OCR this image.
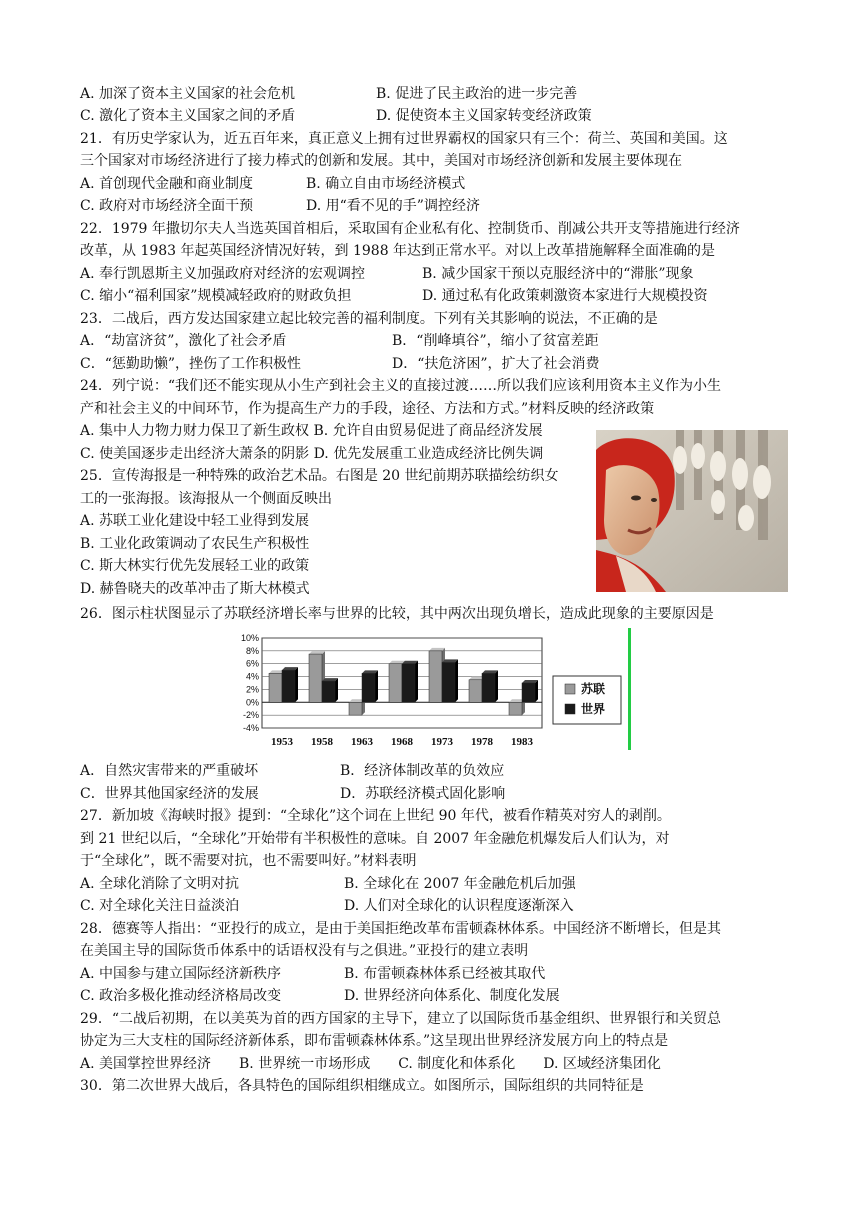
A. 加深了资本主义国家的社会危机	B. 促进了民主政治的进一步完善
C. 激化了资本主义国家之间的矛盾	D. 促使资本主义国家转变经济政策
21．有历史学家认为，近五百年来，真正意义上拥有过世界霸权的国家只有三个：荷兰、英国和美国。这
三个国家对市场经济进行了接力棒式的创新和发展。其中，美国对市场经济创新和发展主要体现在
A. 首创现代金融和商业制度	B. 确立自由市场经济模式
C. 政府对市场经济全面干预	D. 用“看不见的手”调控经济
22．1979 年撒切尔夫人当选英国首相后，采取国有企业私有化、控制货币、削减公共开支等措施进行经济
改革，从 1983 年起英国经济情况好转，到 1988 年达到正常水平。对以上改革措施解释全面准确的是
A. 奉行凯恩斯主义加强政府对经济的宏观调控	B. 减少国家干预以克服经济中的“滞胀”现象
C. 缩小“福利国家”规模减轻政府的财政负担	D. 通过私有化政策刺激资本家进行大规模投资
23．二战后，西方发达国家建立起比较完善的福利制度。下列有关其影响的说法，不正确的是
A．“劫富济贫”，激化了社会矛盾	B．“削峰填谷”，缩小了贫富差距
C．“惩勤助懒”，挫伤了工作积极性	D．“扶危济困”，扩大了社会消费
24．列宁说：“我们还不能实现从小生产到社会主义的直接过渡……所以我们应该利用资本主义作为小生
产和社会主义的中间环节，作为提高生产力的手段，途径、方法和方式。”材料反映的经济政策
A. 集中人力物力财力保卫了新生政权 B. 允许自由贸易促进了商品经济发展
C. 使美国逐步走出经济大萧条的阴影 D. 优先发展重工业造成经济比例失调
25．宣传海报是一种特殊的政治艺术品。右图是 20 世纪前期苏联描绘纺织女
工的一张海报。该海报从一个侧面反映出
A. 苏联工业化建设中轻工业得到发展
B. 工业化政策调动了农民生产积极性
C. 斯大林实行优先发展轻工业的政策
D. 赫鲁晓夫的改革冲击了斯大林模式
26．图示柱状图显示了苏联经济增长率与世界的比较，其中两次出现负增长，造成此现象的主要原因是
10%
8%
6%
4%
2%
0%
-2%
-4%
1953 1958 1963 1968 1973 1978 1983
苏联
世界
A．自然灾害带来的严重破坏	B．经济体制改革的负效应
C．世界其他国家经济的发展	D．苏联经济模式固化影响
27．新加坡《海峡时报》提到：“全球化”这个词在上世纪 90 年代，被看作精英对穷人的剥削。
到 21 世纪以后，“全球化”开始带有半积极性的意味。自 2007 年金融危机爆发后人们认为，对
于“全球化”，既不需要对抗，也不需要叫好。”材料表明
A. 全球化消除了文明对抗	B. 全球化在 2007 年金融危机后加强
C. 对全球化关注日益淡泊	D. 人们对全球化的认识程度逐渐深入
28．德赛等人指出：“亚投行的成立，是由于美国拒绝改革布雷顿森林体系。中国经济不断增长，但是其
在美国主导的国际货币体系中的话语权没有与之俱进。”亚投行的建立表明
A. 中国参与建立国际经济新秩序	B. 布雷顿森林体系已经被其取代
C. 政治多极化推动经济格局改变	D. 世界经济向体系化、制度化发展
29．“二战后初期，在以美英为首的西方国家的主导下，建立了以国际货币基金组织、世界银行和关贸总
协定为三大支柱的国际经济新体系，即布雷顿森林体系。”这呈现出世界经济发展方向上的特点是
A. 美国掌控世界经济　　B. 世界统一市场形成　　C. 制度化和体系化　　D. 区域经济集团化
30．第二次世界大战后，各具特色的国际组织相继成立。如图所示，国际组织的共同特征是
